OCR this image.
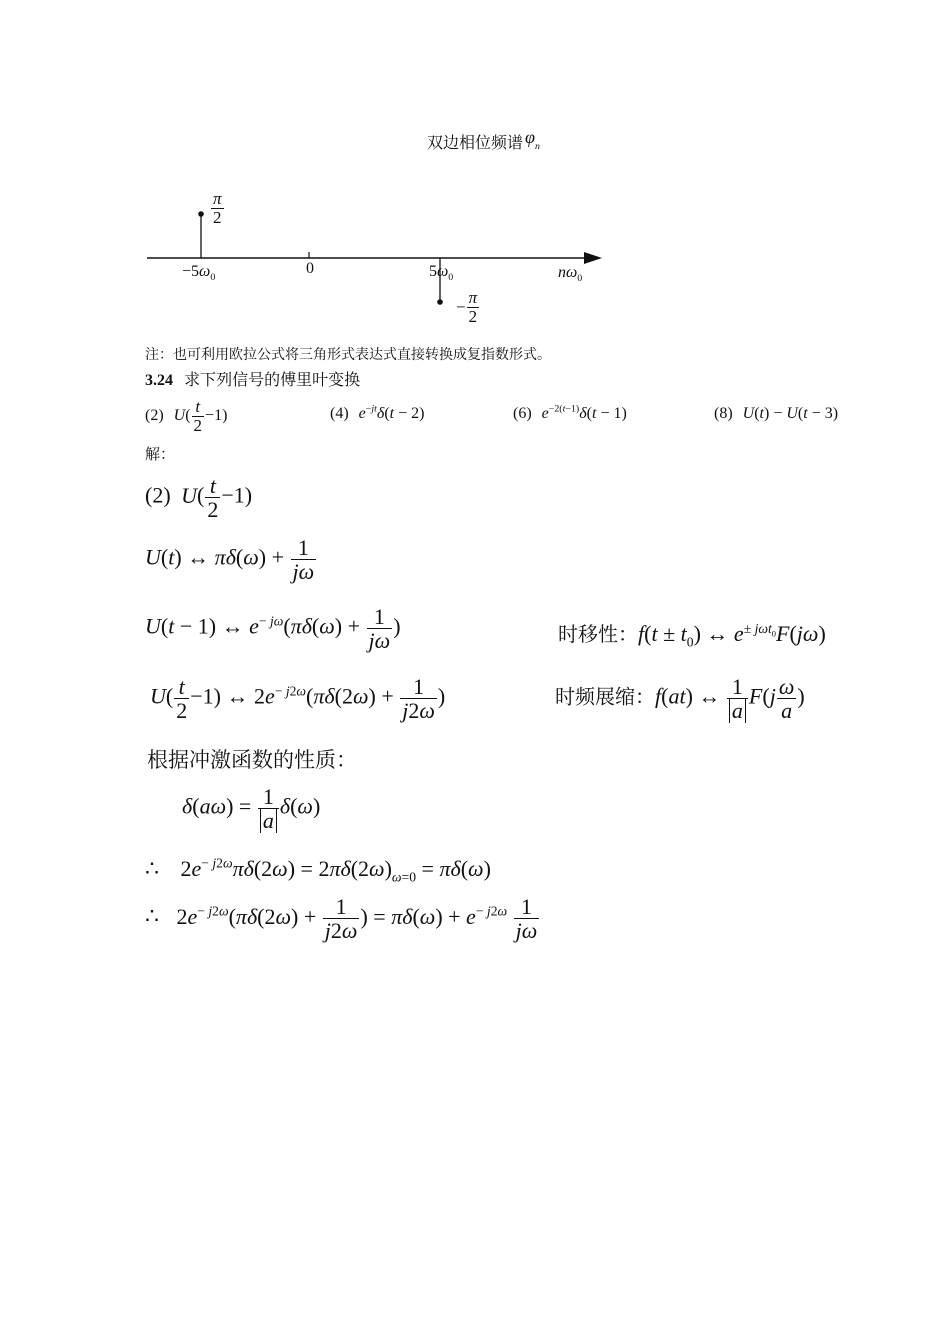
双边相位频谱 $\varphi_n$
$\frac{\pi}{2}$
− $\frac{\pi}{2}$
$-5\omega_0$
0	$5\omega_0$	$n\omega_0$
注：也可利用欧拉公式将三角形式表达式直接转换成复指数形式。
3.24 求下列信号的傅里叶变换
(2) $U( \frac{t}{2} -1)$	(4) $e^{-jt}\delta(t - 2)$	(6) $e^{-2(t-1)}\delta(t - 1)$	(8) U(t) − U(t − 3)
解：
(2) $U( \frac{t}{2} -1)$
U(t) ↔ $\pi\delta(\omega) + \frac{1}{j\omega}$
U(t − 1) ↔ $e^{- j\omega}(\pi\delta(\omega) + \frac{1}{j\omega}$ )	时移性：$f(t \pm t_0)$ ↔ $e^{\pm j\omega t_0}F(j\omega)$
$U( \frac{t}{2} -1)$ ↔ $2e^{- j2\omega}(\pi\delta(2\omega) + \frac{1}{j2\omega}$ )	时频展缩：f(at) ↔ $\frac{1}{a} F(j \frac{\omega}{a}$ )
根据冲激函数的性质：
$\delta(a\omega) = \frac{1}{a} \delta(\omega)$
∴ $2e^{- j2\omega}\pi\delta(2\omega) = 2\pi\delta(2\omega)_{\omega=0} = \pi\delta(\omega)$
∴ $2e^{- j2\omega}(\pi\delta(2\omega) + \frac{1}{j2\omega}$ ) = $\pi\delta(\omega) + e^{- j2\omega} \frac{1}{j\omega}$
